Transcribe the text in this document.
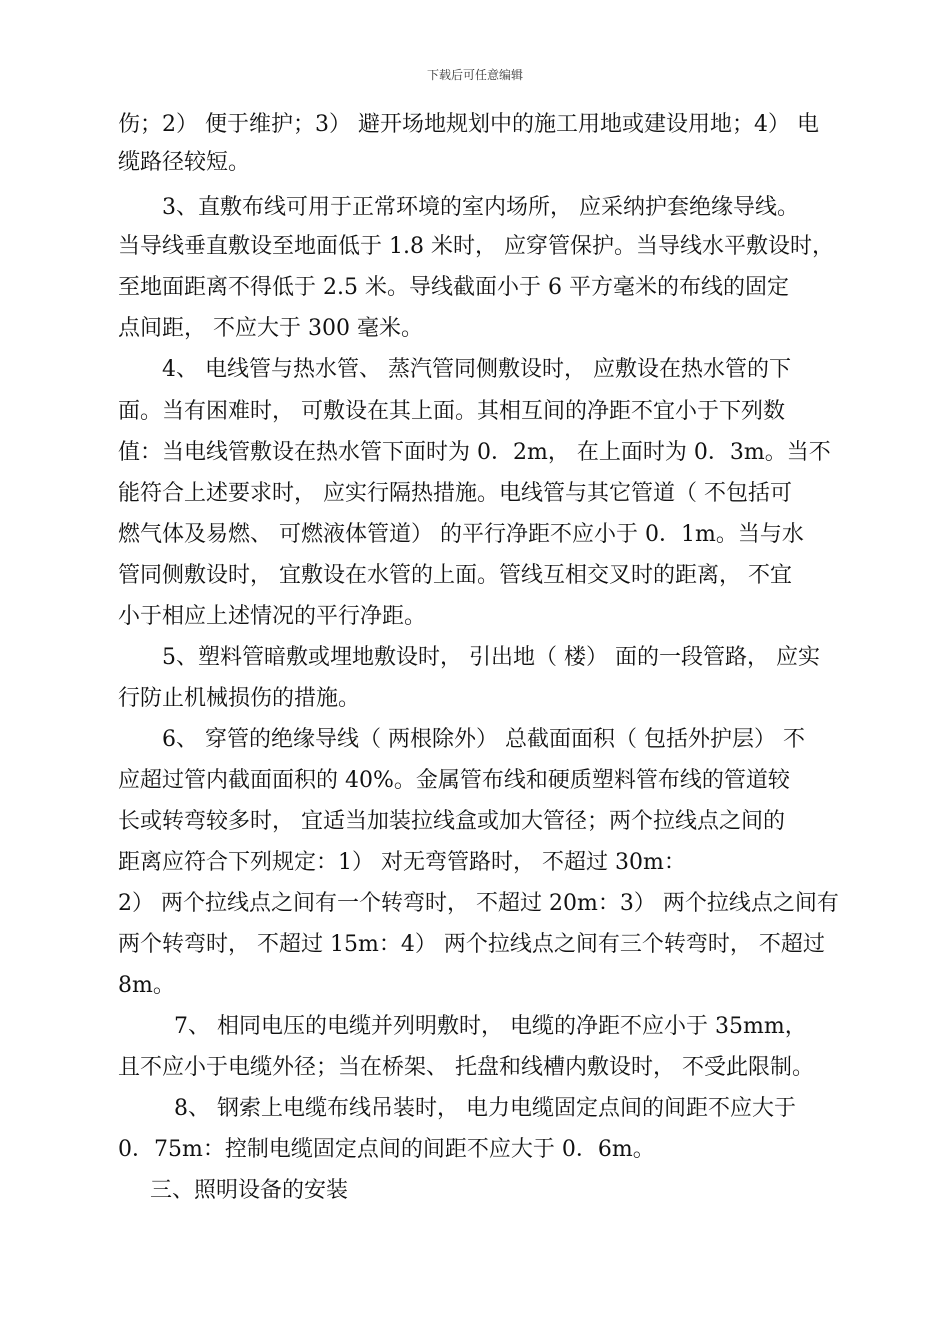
下载后可任意编辑
伤；2） 便于维护；3） 避开场地规划中的施工用地或建设用地；4） 电
缆路径较短。
3、直敷布线可用于正常环境的室内场所， 应采纳护套绝缘导线。
当导线垂直敷设至地面低于 1.8 米时， 应穿管保护。当导线水平敷设时，
至地面距离不得低于 2.5 米。导线截面小于 6 平方毫米的布线的固定
点间距， 不应大于 300 毫米。
4、 电线管与热水管、 蒸汽管同侧敷设时， 应敷设在热水管的下
面。当有困难时， 可敷设在其上面。其相互间的净距不宜小于下列数
值：当电线管敷设在热水管下面时为 0．2m， 在上面时为 0．3m。当不
能符合上述要求时， 应实行隔热措施。电线管与其它管道（ 不包括可
燃气体及易燃、 可燃液体管道） 的平行净距不应小于 0．1m。当与水
管同侧敷设时， 宜敷设在水管的上面。管线互相交叉时的距离， 不宜
小于相应上述情况的平行净距。
5、塑料管暗敷或埋地敷设时， 引出地（ 楼） 面的一段管路， 应实
行防止机械损伤的措施。
6、 穿管的绝缘导线（ 两根除外） 总截面面积（ 包括外护层） 不
应超过管内截面面积的 40%。金属管布线和硬质塑料管布线的管道较
长或转弯较多时， 宜适当加装拉线盒或加大管径；两个拉线点之间的
距离应符合下列规定：1） 对无弯管路时， 不超过 30m：
2） 两个拉线点之间有一个转弯时， 不超过 20m：3） 两个拉线点之间有
两个转弯时， 不超过 15m：4） 两个拉线点之间有三个转弯时， 不超过
8m。
7、 相同电压的电缆并列明敷时， 电缆的净距不应小于 35mm，
且不应小于电缆外径；当在桥架、 托盘和线槽内敷设时， 不受此限制。
8、 钢索上电缆布线吊装时， 电力电缆固定点间的间距不应大于
0．75m：控制电缆固定点间的间距不应大于 0．6m。
三、照明设备的安装
